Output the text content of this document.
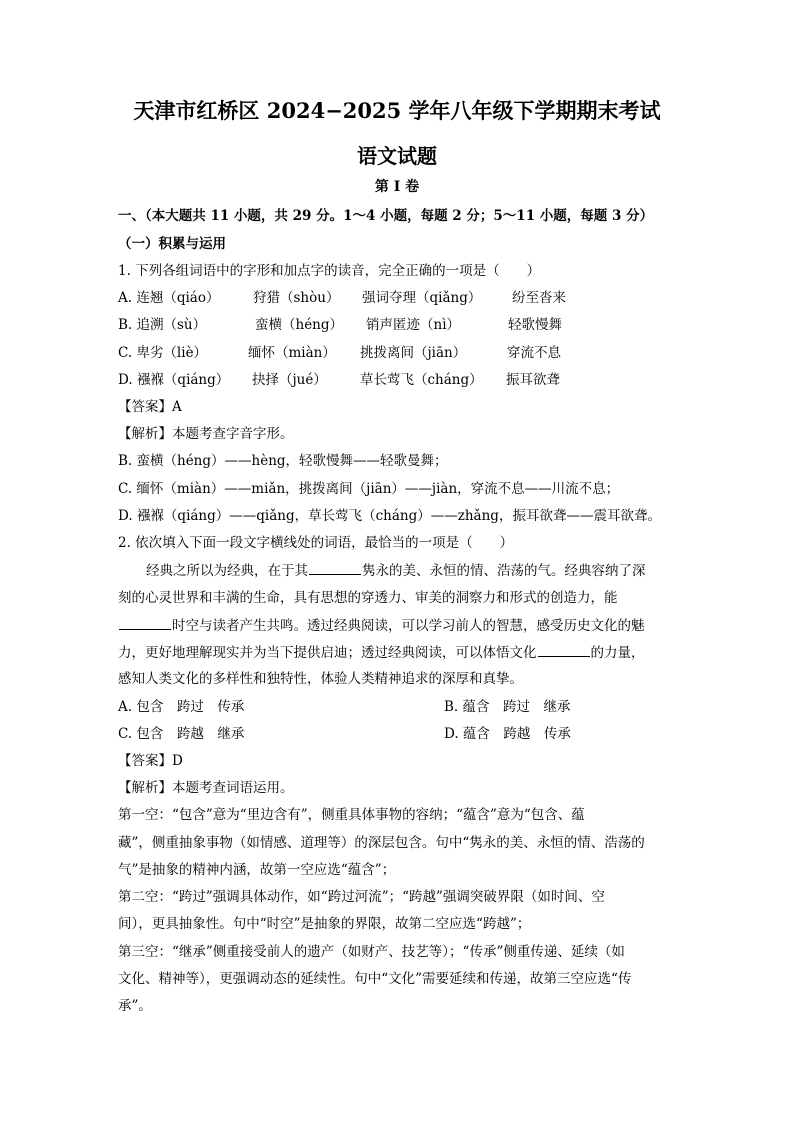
天津市红桥区 2024−2025 学年八年级下学期期末考试
语文试题
第 I 卷
一、（本大题共 11 小题，共 29 分。1～4 小题，每题 2 分；5～11 小题，每题 3 分）
（一）积累与运用
1. 下列各组词语中的字形和加点字的读音，完全正确的一项是（　　）
A. 连翘（qiáo） 狩猎（shòu） 强词夺理（qiǎng） 纷至沓来
B. 追溯（sù）	蛮横（héng） 销声匿迹（nì）	轻歌慢舞
C. 卑劣（liè）	缅怀（miàn） 挑拨离间（jiān）	穿流不息
D. 襁褓（qiáng） 抉择（jué） 草长莺飞（cháng） 振耳欲聋
【答案】A
【解析】本题考查字音字形。
B. 蛮横（héng）——hèng，轻歌慢舞——轻歌曼舞；
C. 缅怀（miàn）——miǎn，挑拨离间（jiān）——jiàn，穿流不息——川流不息；
D. 襁褓（qiáng）——qiǎng，草长莺飞（cháng）——zhǎng，振耳欲聋——震耳欲聋。
2. 依次填入下面一段文字横线处的词语，最恰当的一项是（　　）
经典之所以为经典，在于其	隽永的美、永恒的情、浩荡的气。经典容纳了深
刻的心灵世界和丰满的生命，具有思想的穿透力、审美的洞察力和形式的创造力，能
时空与读者产生共鸣。透过经典阅读，可以学习前人的智慧，感受历史文化的魅
力，更好地理解现实并为当下提供启迪；透过经典阅读，可以体悟文化	的力量，
感知人类文化的多样性和独特性，体验人类精神追求的深厚和真挚。
A. 包含　跨过　传承	B. 蕴含　跨过　继承
C. 包含　跨越　继承	D. 蕴含　跨越　传承
【答案】D
【解析】本题考查词语运用。
第一空：“包含”意为“里边含有”，侧重具体事物的容纳；“蕴含”意为“包含、蕴
藏”，侧重抽象事物（如情感、道理等）的深层包含。句中“隽永的美、永恒的情、浩荡的
气”是抽象的精神内涵，故第一空应选“蕴含”；
第二空：“跨过”强调具体动作，如“跨过河流”；“跨越”强调突破界限（如时间、空
间），更具抽象性。句中“时空”是抽象的界限，故第二空应选“跨越”；
第三空：“继承”侧重接受前人的遗产（如财产、技艺等）；“传承”侧重传递、延续（如
文化、精神等），更强调动态的延续性。句中“文化”需要延续和传递，故第三空应选“传
承”。
